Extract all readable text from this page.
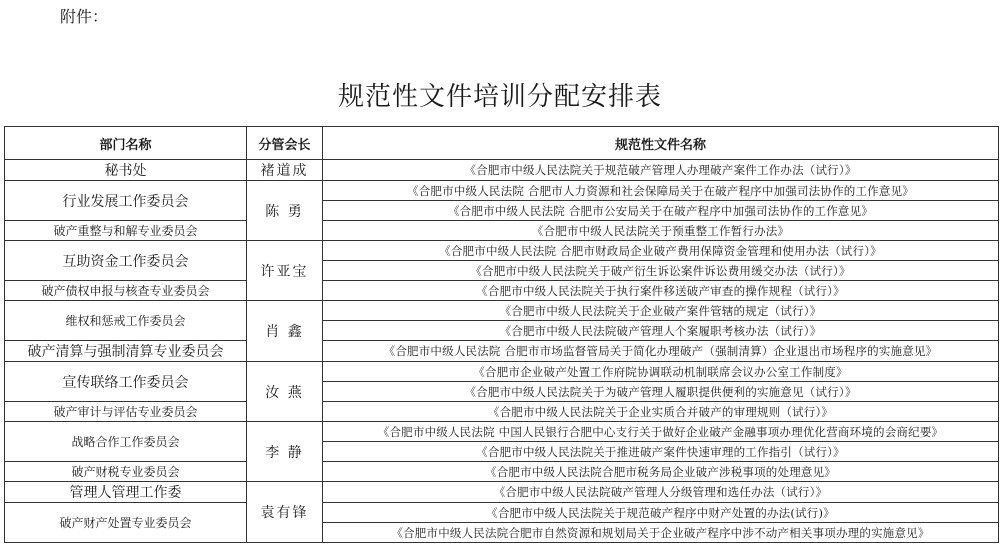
附件：
规范性文件培训分配安排表
部门名称	分管会长	规范性文件名称
秘书处	褚道成	《合肥市中级人民法院关于规范破产管理人办理破产案件工作办法（试行）》
行业发展工作委员会	陈 勇	《合肥市中级人民法院 合肥市人力资源和社会保障局关于在破产程序中加强司法协作的工作意见》
		《合肥市中级人民法院 合肥市公安局关于在破产程序中加强司法协作的工作意见》
破产重整与和解专业委员会		《合肥市中级人民法院关于预重整工作暂行办法》
互助资金工作委员会	许亚宝	《合肥市中级人民法院 合肥市财政局企业破产费用保障资金管理和使用办法（试行）》
		《合肥市中级人民法院关于破产衍生诉讼案件诉讼费用缓交办法（试行）》
破产债权申报与核查专业委员会		《合肥市中级人民法院关于执行案件移送破产审查的操作规程（试行）》
维权和惩戒工作委员会	肖 鑫	《合肥市中级人民法院关于企业破产案件管辖的规定（试行）》
		《合肥市中级人民法院破产管理人个案履职考核办法（试行）》
破产清算与强制清算专业委员会		《合肥市中级人民法院 合肥市市场监督管局关于简化办理破产（强制清算）企业退出市场程序的实施意见》
宣传联络工作委员会	汝 燕	《合肥市企业破产处置工作府院协调联动机制联席会议办公室工作制度》
		《合肥市中级人民法院关于为破产管理人履职提供便利的实施意见（试行）》
破产审计与评估专业委员会		《合肥市中级人民法院关于企业实质合并破产的审理规则（试行）》
战略合作工作委员会	李 静	《合肥市中级人民法院 中国人民银行合肥中心支行关于做好企业破产金融事项办理优化营商环境的会商纪要》
		《合肥市中级人民法院关于推进破产案件快速审理的工作指引（试行）》
破产财税专业委员会		《合肥市中级人民法院合肥市税务局企业破产涉税事项的处理意见》
管理人管理工作委	袁有锋	《合肥市中级人民法院破产管理人分级管理和选任办法（试行）》
破产财产处置专业委员会		《合肥市中级人民法院关于规范破产程序中财产处置的办法(试行)》
		《合肥市中级人民法院合肥市自然资源和规划局关于企业破产程序中涉不动产相关事项办理的实施意见》
